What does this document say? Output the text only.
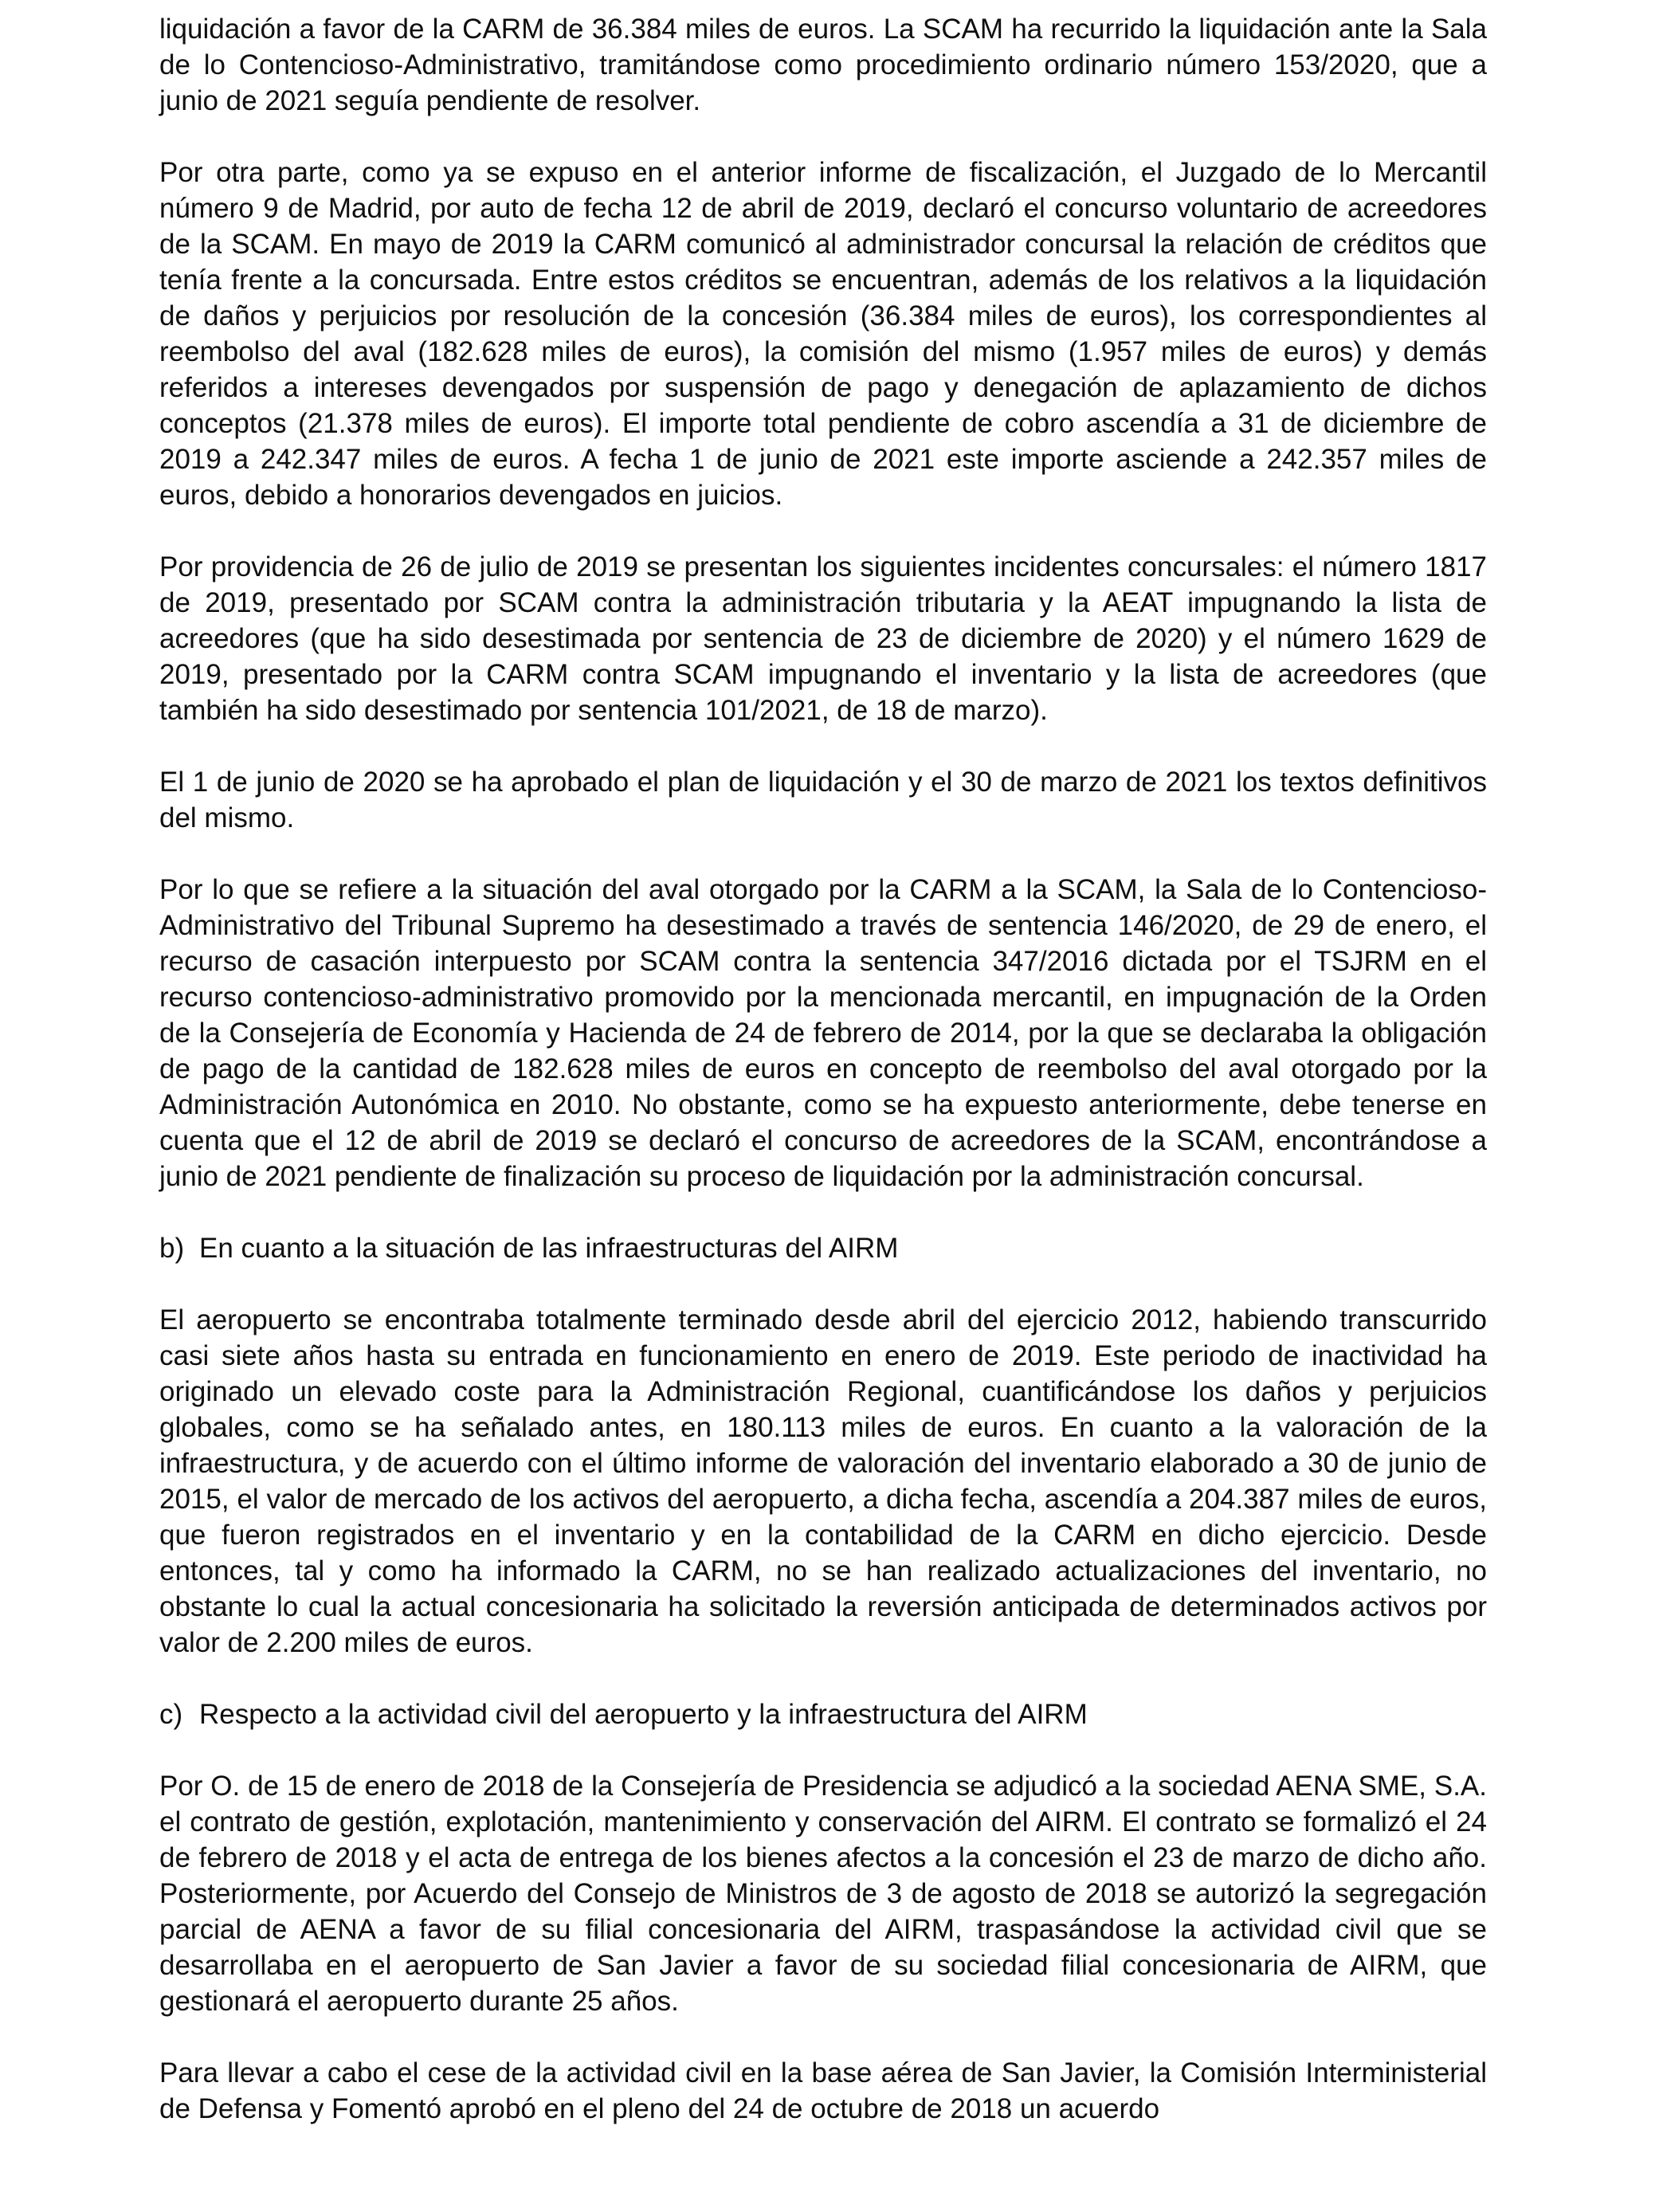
liquidación a favor de la CARM de 36.384 miles de euros. La SCAM ha recurrido la liquidación ante la Sala de lo Contencioso-Administrativo, tramitándose como procedimiento ordinario número 153/2020, que a junio de 2021 seguía pendiente de resolver.

Por otra parte, como ya se expuso en el anterior informe de fiscalización, el Juzgado de lo Mercantil número 9 de Madrid, por auto de fecha 12 de abril de 2019, declaró el concurso voluntario de acreedores de la SCAM. En mayo de 2019 la CARM comunicó al administrador concursal la relación de créditos que tenía frente a la concursada. Entre estos créditos se encuentran, además de los relativos a la liquidación de daños y perjuicios por resolución de la concesión (36.384 miles de euros), los correspondientes al reembolso del aval (182.628 miles de euros), la comisión del mismo (1.957 miles de euros) y demás referidos a intereses devengados por suspensión de pago y denegación de aplazamiento de dichos conceptos (21.378 miles de euros). El importe total pendiente de cobro ascendía a 31 de diciembre de 2019 a 242.347 miles de euros. A fecha 1 de junio de 2021 este importe asciende a 242.357 miles de euros, debido a honorarios devengados en juicios.

Por providencia de 26 de julio de 2019 se presentan los siguientes incidentes concursales: el número 1817 de 2019, presentado por SCAM contra la administración tributaria y la AEAT impugnando la lista de acreedores (que ha sido desestimada por sentencia de 23 de diciembre de 2020) y el número 1629 de 2019, presentado por la CARM contra SCAM impugnando el inventario y la lista de acreedores (que también ha sido desestimado por sentencia 101/2021, de 18 de marzo).

El 1 de junio de 2020 se ha aprobado el plan de liquidación y el 30 de marzo de 2021 los textos definitivos del mismo.

Por lo que se refiere a la situación del aval otorgado por la CARM a la SCAM, la Sala de lo Contencioso-Administrativo del Tribunal Supremo ha desestimado a través de sentencia 146/2020, de 29 de enero, el recurso de casación interpuesto por SCAM contra la sentencia 347/2016 dictada por el TSJRM en el recurso contencioso-administrativo promovido por la mencionada mercantil, en impugnación de la Orden de la Consejería de Economía y Hacienda de 24 de febrero de 2014, por la que se declaraba la obligación de pago de la cantidad de 182.628 miles de euros en concepto de reembolso del aval otorgado por la Administración Autonómica en 2010. No obstante, como se ha expuesto anteriormente, debe tenerse en cuenta que el 12 de abril de 2019 se declaró el concurso de acreedores de la SCAM, encontrándose a junio de 2021 pendiente de finalización su proceso de liquidación por la administración concursal.

b) En cuanto a la situación de las infraestructuras del AIRM

El aeropuerto se encontraba totalmente terminado desde abril del ejercicio 2012, habiendo transcurrido casi siete años hasta su entrada en funcionamiento en enero de 2019. Este periodo de inactividad ha originado un elevado coste para la Administración Regional, cuantificándose los daños y perjuicios globales, como se ha señalado antes, en 180.113 miles de euros. En cuanto a la valoración de la infraestructura, y de acuerdo con el último informe de valoración del inventario elaborado a 30 de junio de 2015, el valor de mercado de los activos del aeropuerto, a dicha fecha, ascendía a 204.387 miles de euros, que fueron registrados en el inventario y en la contabilidad de la CARM en dicho ejercicio. Desde entonces, tal y como ha informado la CARM, no se han realizado actualizaciones del inventario, no obstante lo cual la actual concesionaria ha solicitado la reversión anticipada de determinados activos por valor de 2.200 miles de euros.

c) Respecto a la actividad civil del aeropuerto y la infraestructura del AIRM

Por O. de 15 de enero de 2018 de la Consejería de Presidencia se adjudicó a la sociedad AENA SME, S.A. el contrato de gestión, explotación, mantenimiento y conservación del AIRM. El contrato se formalizó el 24 de febrero de 2018 y el acta de entrega de los bienes afectos a la concesión el 23 de marzo de dicho año. Posteriormente, por Acuerdo del Consejo de Ministros de 3 de agosto de 2018 se autorizó la segregación parcial de AENA a favor de su filial concesionaria del AIRM, traspasándose la actividad civil que se desarrollaba en el aeropuerto de San Javier a favor de su sociedad filial concesionaria de AIRM, que gestionará el aeropuerto durante 25 años.

Para llevar a cabo el cese de la actividad civil en la base aérea de San Javier, la Comisión Interministerial de Defensa y Fomentó aprobó en el pleno del 24 de octubre de 2018 un acuerdo
